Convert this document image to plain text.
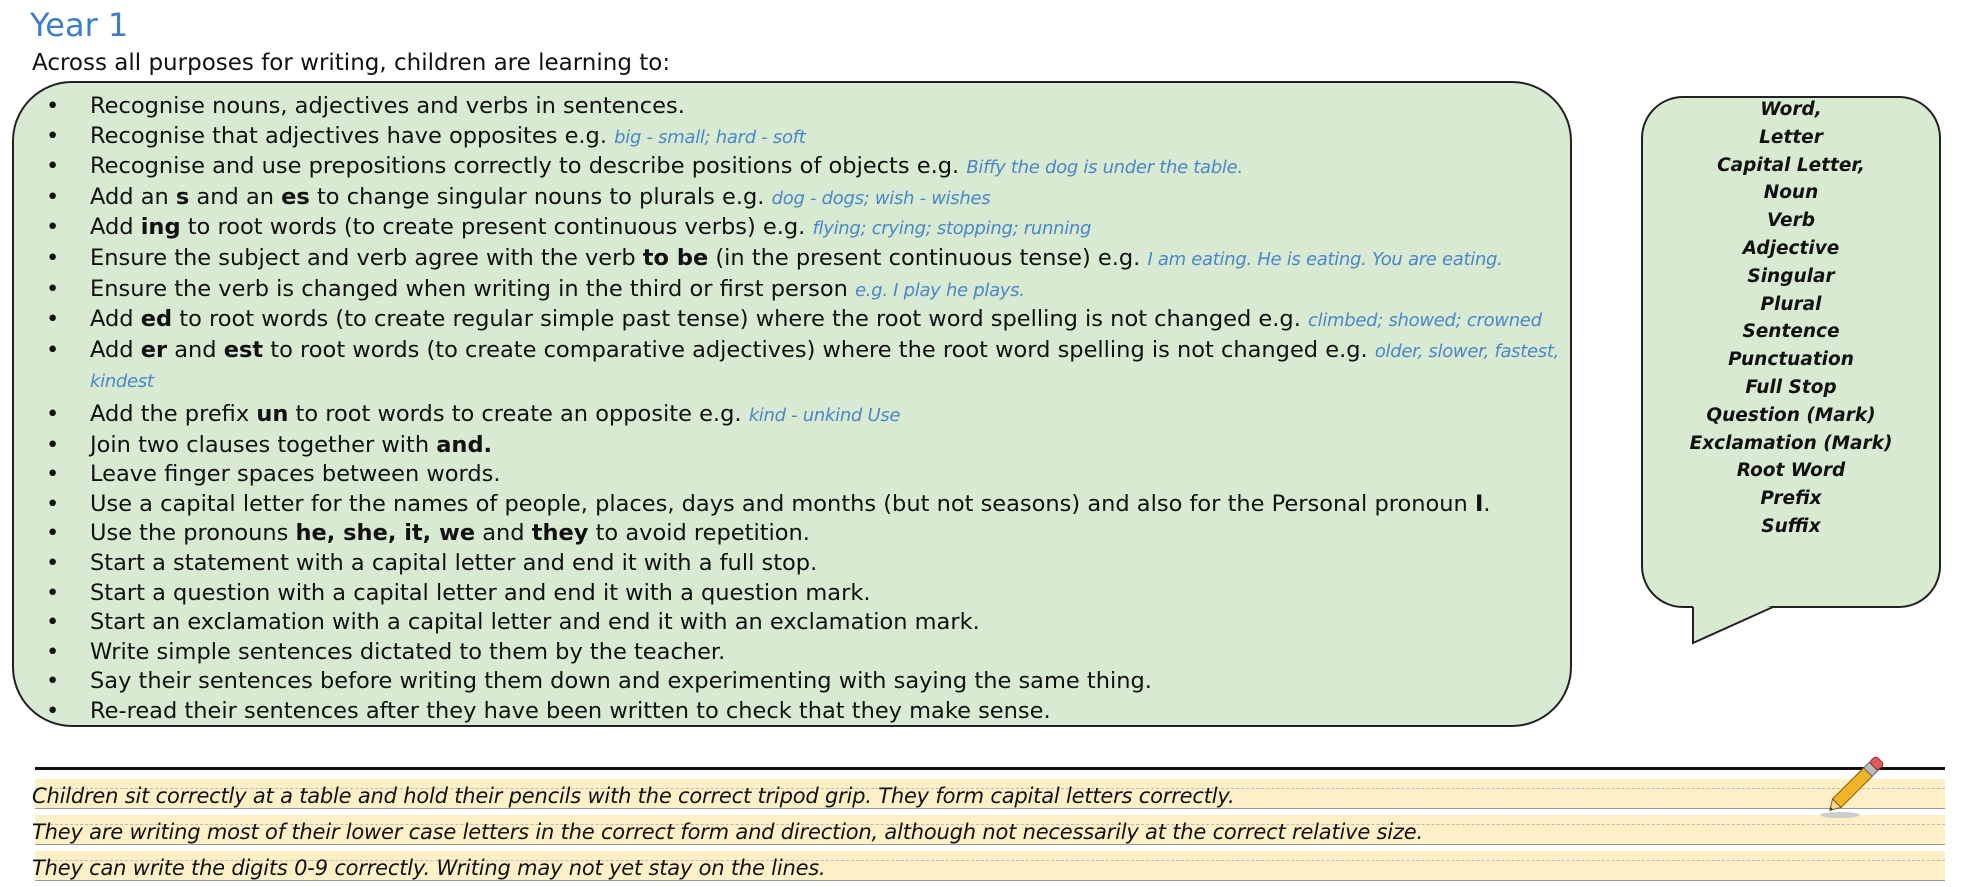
Year 1
Across all purposes for writing, children are learning to:
• Recognise nouns, adjectives and verbs in sentences.
• Recognise that adjectives have opposites e.g. big - small; hard - soft
• Recognise and use prepositions correctly to describe positions of objects e.g. Biffy the dog is under the table.
• Add an s and an es to change singular nouns to plurals e.g. dog - dogs; wish - wishes
• Add ing to root words (to create present continuous verbs) e.g. flying; crying; stopping; running
• Ensure the subject and verb agree with the verb to be (in the present continuous tense) e.g. I am eating. He is eating. You are eating.
• Ensure the verb is changed when writing in the third or first person e.g. I play he plays.
• Add ed to root words (to create regular simple past tense) where the root word spelling is not changed e.g. climbed; showed; crowned
• Add er and est to root words (to create comparative adjectives) where the root word spelling is not changed e.g. older, slower, fastest, kindest
• Add the prefix un to root words to create an opposite e.g. kind - unkind Use
• Join two clauses together with and.
• Leave finger spaces between words.
• Use a capital letter for the names of people, places, days and months (but not seasons) and also for the Personal pronoun I.
• Use the pronouns he, she, it, we and they to avoid repetition.
• Start a statement with a capital letter and end it with a full stop.
• Start a question with a capital letter and end it with a question mark.
• Start an exclamation with a capital letter and end it with an exclamation mark.
• Write simple sentences dictated to them by the teacher.
• Say their sentences before writing them down and experimenting with saying the same thing.
• Re-read their sentences after they have been written to check that they make sense.
Word,
Letter
Capital Letter,
Noun
Verb
Adjective
Singular
Plural
Sentence
Punctuation
Full Stop
Question (Mark)
Exclamation (Mark)
Root Word
Prefix
Suffix
Children sit correctly at a table and hold their pencils with the correct tripod grip. They form capital letters correctly.
They are writing most of their lower case letters in the correct form and direction, although not necessarily at the correct relative size.
They can write the digits 0-9 correctly. Writing may not yet stay on the lines.
